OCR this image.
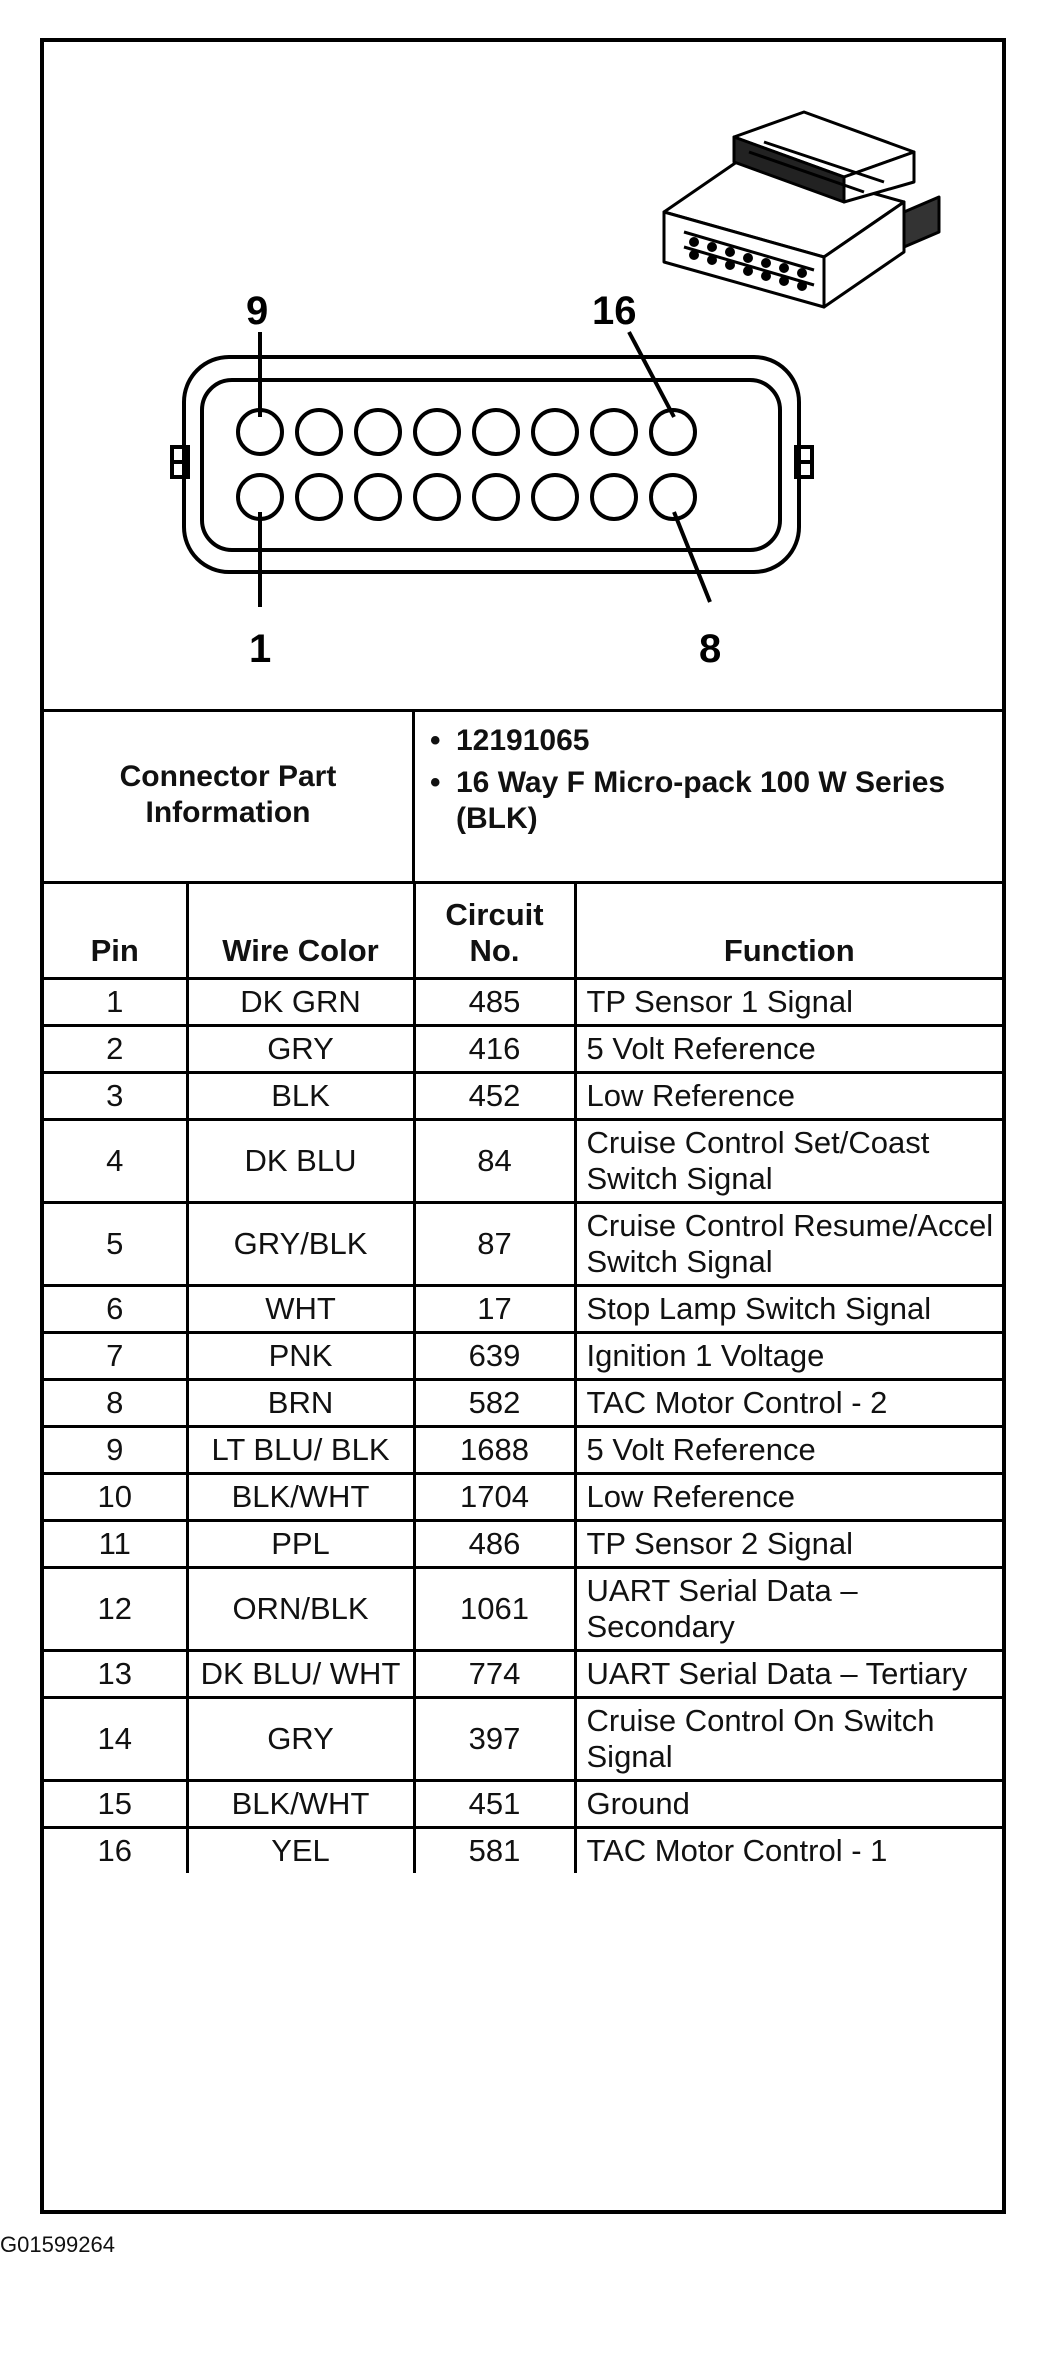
9	16
1	8
Connector Part Information
• 12191065
• 16 Way F Micro-pack 100 W Series (BLK)
Pin	Wire Color	Circuit No.	Function
1	DK GRN	485	TP Sensor 1 Signal
2	GRY	416	5 Volt Reference
3	BLK	452	Low Reference
4	DK BLU	84	Cruise Control Set/Coast Switch Signal
5	GRY/BLK	87	Cruise Control Resume/Accel Switch Signal
6	WHT	17	Stop Lamp Switch Signal
7	PNK	639	Ignition 1 Voltage
8	BRN	582	TAC Motor Control - 2
9	LT BLU/ BLK	1688	5 Volt Reference
10	BLK/WHT	1704	Low Reference
11	PPL	486	TP Sensor 2 Signal
12	ORN/BLK	1061	UART Serial Data – Secondary
13	DK BLU/ WHT	774	UART Serial Data – Tertiary
14	GRY	397	Cruise Control On Switch Signal
15	BLK/WHT	451	Ground
16	YEL	581	TAC Motor Control - 1
G01599264
